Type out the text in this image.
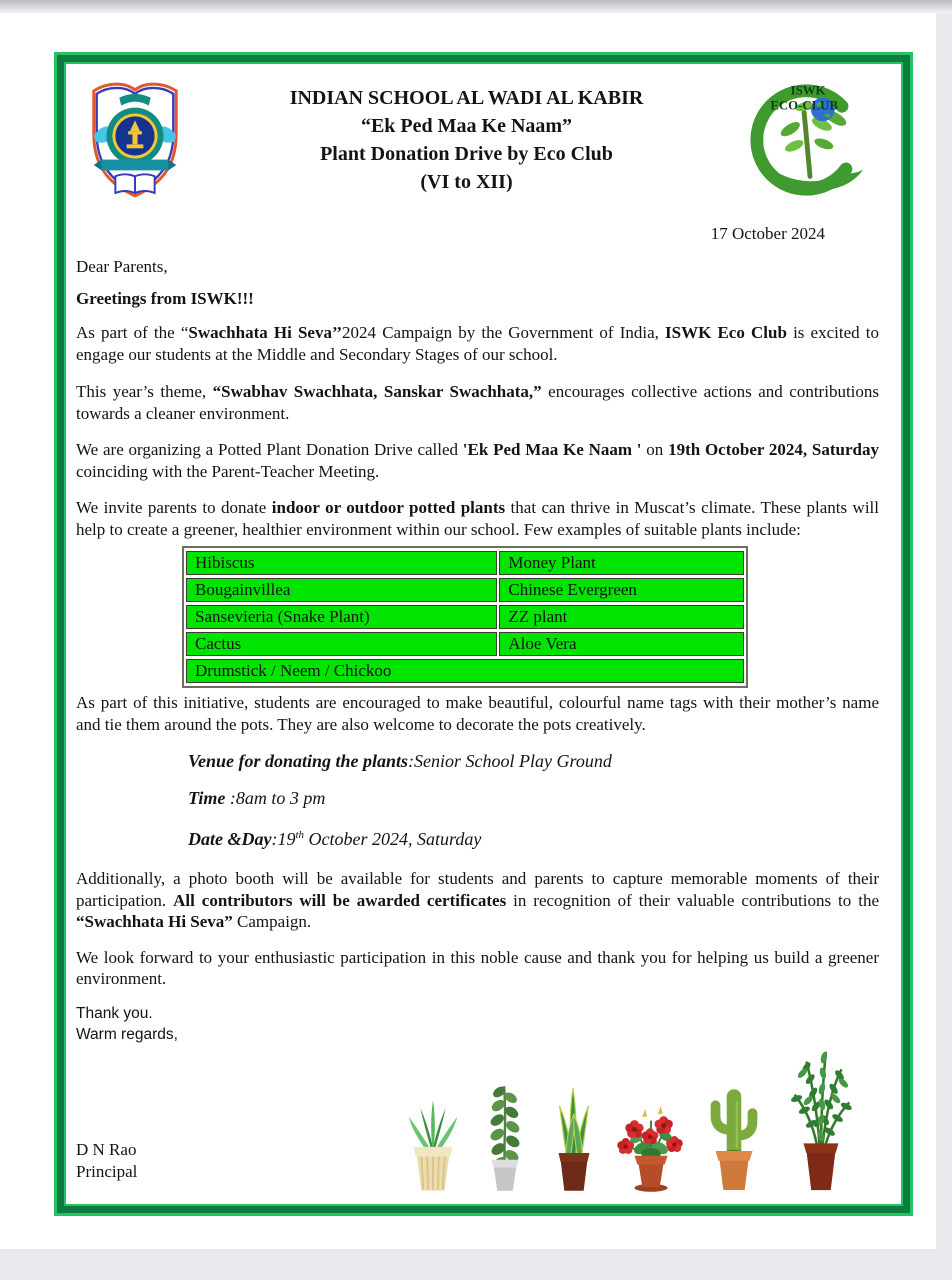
INDIAN SCHOOL AL WADI AL KABIR
“Ek Ped Maa Ke Naam”
Plant Donation Drive by Eco Club
(VI to XII)
ISWK
ECO-CLUB
17 October 2024
Dear Parents,
Greetings from ISWK!!!

As part of the “Swachhata Hi Seva’’2024 Campaign by the Government of India, ISWK Eco Club is excited to engage our students at the Middle and Secondary Stages of our school.

This year’s theme, “Swabhav Swachhata, Sanskar Swachhata,” encourages collective actions and contributions towards a cleaner environment.

We are organizing a Potted Plant Donation Drive called 'Ek Ped Maa Ke Naam ' on 19th October 2024, Saturday coinciding with the Parent-Teacher Meeting.

We invite parents to donate indoor or outdoor potted plants that can thrive in Muscat’s climate. These plants will help to create a greener, healthier environment within our school. Few examples of suitable plants include:

Hibiscus	Money Plant
Bougainvillea	Chinese Evergreen
Sansevieria (Snake Plant)	ZZ plant
Cactus	Aloe Vera
Drumstick / Neem / Chickoo	

As part of this initiative, students are encouraged to make beautiful, colourful name tags with their mother’s name and tie them around the pots. They are also welcome to decorate the pots creatively.

Venue for donating the plants:Senior School Play Ground
Time :8am to 3 pm
Date &Day:19th October 2024, Saturday

Additionally, a photo booth will be available for students and parents to capture memorable moments of their participation. All contributors will be awarded certificates in recognition of their valuable contributions to the “Swachhata Hi Seva” Campaign.

We look forward to your enthusiastic participation in this noble cause and thank you for helping us build a greener environment.

Thank you.
Warm regards,
D N Rao
Principal
